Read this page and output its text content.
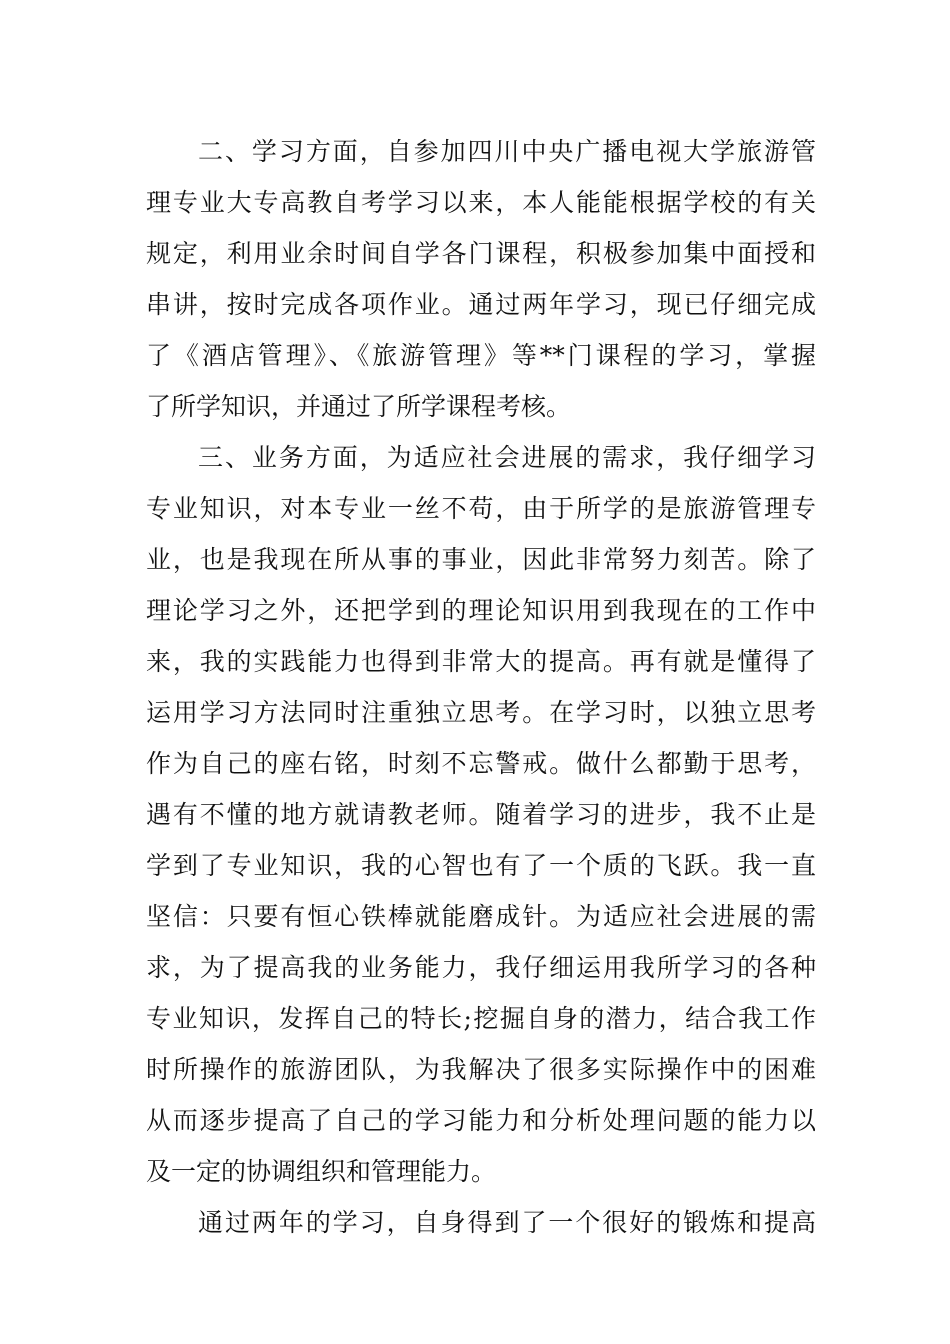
二、学习方面，自参加四川中央广播电视大学旅游管
理专业大专高教自考学习以来，本人能能根据学校的有关
规定，利用业余时间自学各门课程，积极参加集中面授和
串讲，按时完成各项作业。通过两年学习，现已仔细完成
了《酒店管理》、《旅游管理》等**门课程的学习，掌握
了所学知识，并通过了所学课程考核。
三、业务方面，为适应社会进展的需求，我仔细学习
专业知识，对本专业一丝不苟，由于所学的是旅游管理专
业，也是我现在所从事的事业，因此非常努力刻苦。除了
理论学习之外，还把学到的理论知识用到我现在的工作中
来，我的实践能力也得到非常大的提高。再有就是懂得了
运用学习方法同时注重独立思考。在学习时，以独立思考
作为自己的座右铭，时刻不忘警戒。做什么都勤于思考，
遇有不懂的地方就请教老师。随着学习的进步，我不止是
学到了专业知识，我的心智也有了一个质的飞跃。我一直
坚信：只要有恒心铁棒就能磨成针。为适应社会进展的需
求，为了提高我的业务能力，我仔细运用我所学习的各种
专业知识，发挥自己的特长;挖掘自身的潜力，结合我工作
时所操作的旅游团队，为我解决了很多实际操作中的困难
从而逐步提高了自己的学习能力和分析处理问题的能力以
及一定的协调组织和管理能力。
通过两年的学习，自身得到了一个很好的锻炼和提高
